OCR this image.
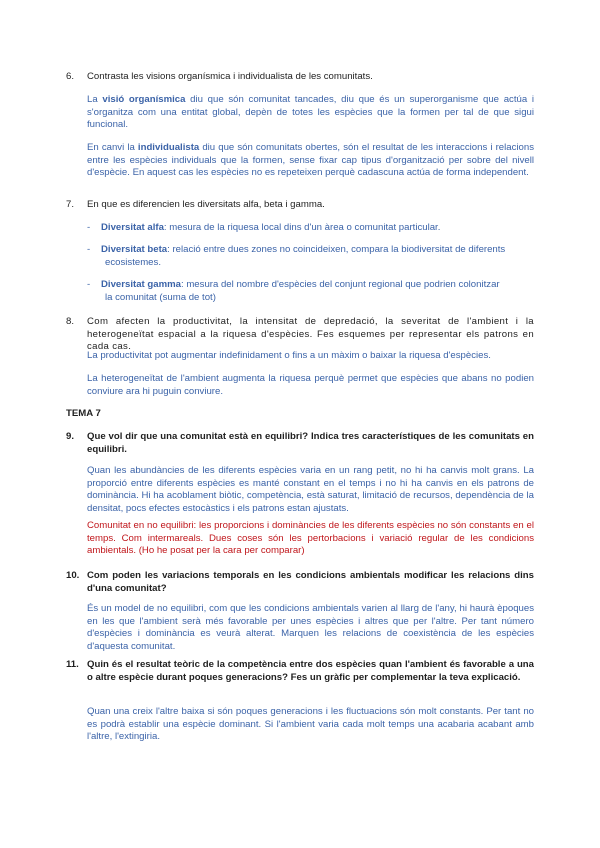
6.	Contrasta les visions organísmica i individualista de les comunitats.
La visió organísmica diu que són comunitat tancades, diu que és un superorganisme que actúa i s'organitza com una entitat global, depèn de totes les espècies que la formen per tal de que sigui funcional.
En canvi la individualista diu que són comunitats obertes, són el resultat de les interaccions i relacions entre les espècies individuals que la formen, sense fixar cap tipus d'organització per sobre del nivell d'espècie. En aquest cas les espècies no es repeteixen perquè cadascuna actúa de forma independent.
7.	En que es diferencien les diversitats alfa, beta i gamma.
-	Diversitat alfa: mesura de la riquesa local dins d'un àrea o comunitat particular.
-	Diversitat beta: relació entre dues zones no coincideixen, compara la biodiversitat de diferents
ecosistemes.
-	Diversitat gamma: mesura del nombre d'espècies del conjunt regional que podrien colonitzar
la comunitat (suma de tot)
8.	Com afecten la productivitat, la intensitat de depredació, la severitat de l'ambient i la heterogeneïtat espacial a la riquesa d'espècies. Fes esquemes per representar els patrons en cada cas.
La productivitat pot augmentar indefinidament o fins a un màxim o baixar la riquesa d'espècies.
La heterogeneïtat de l'ambient augmenta la riquesa perquè permet que espècies que abans no podien conviure ara hi puguin conviure.
TEMA 7
9.	Que vol dir que una comunitat està en equilibri? Indica tres característiques de les comunitats en equilibri.
Quan les abundàncies de les diferents espècies varia en un rang petit, no hi ha canvis molt grans. La proporció entre diferents espècies es manté constant en el temps i no hi ha canvis en els patrons de dominància. Hi ha acoblament biòtic, competència, està saturat, limitació de recursos, dependència de la densitat, pocs efectes estocàstics i els patrons estan ajustats.
Comunitat en no equilibri: les proporcions i dominàncies de les diferents espècies no són constants en el temps. Com intermareals. Dues coses són les pertorbacions i variació regular de les condicions ambientals. (Ho he posat per la cara per comparar)
10. Com poden les variacions temporals en les condicions ambientals modificar les relacions dins d'una comunitat?
És un model de no equilibri, com que les condicions ambientals varien al llarg de l'any, hi haurà èpoques en les que l'ambient serà més favorable per unes espècies i altres que per l'altre. Per tant número d'espècies i dominància es veurà alterat. Marquen les relacions de coexistència de les espècies d'aquesta comunitat.
11. Quin és el resultat teòric de la competència entre dos espècies quan l'ambient és favorable a una o altre espècie durant poques generacions? Fes un gràfic per complementar la teva explicació.
Quan una creix l'altre baixa si són poques generacions i les fluctuacions són molt constants. Per tant no es podrà establir una espècie dominant. Si l'ambient varia cada molt temps una acabaria acabant amb l'altre, l'extingiria.
